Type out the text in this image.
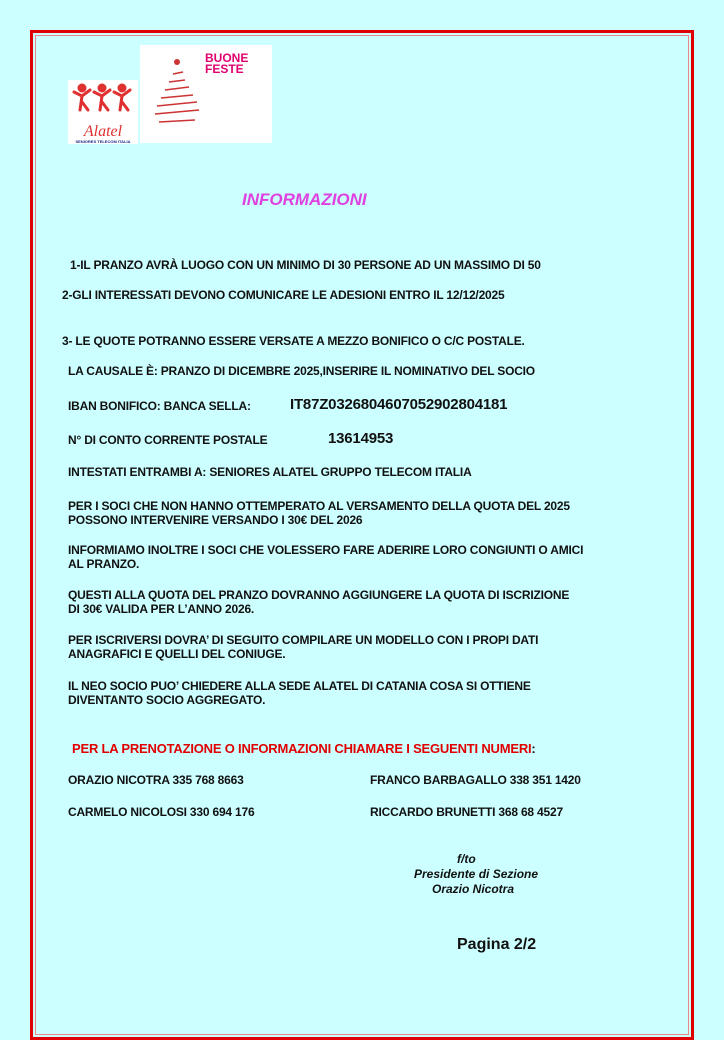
Alatel
SENIORES TELECOM ITALIA
BUONE
FESTE
INFORMAZIONI
1-IL PRANZO AVRÀ LUOGO CON UN MINIMO DI 30 PERSONE AD UN MASSIMO DI 50
2-GLI INTERESSATI DEVONO COMUNICARE LE ADESIONI ENTRO IL 12/12/2025
3- LE QUOTE POTRANNO ESSERE VERSATE A MEZZO BONIFICO O C/C POSTALE.
LA CAUSALE È: PRANZO DI DICEMBRE 2025,INSERIRE IL NOMINATIVO DEL SOCIO
IBAN BONIFICO: BANCA SELLA:	IT87Z0326804607052902804181
N° DI CONTO CORRENTE POSTALE	13614953
INTESTATI ENTRAMBI A: SENIORES ALATEL GRUPPO TELECOM ITALIA
PER I SOCI CHE NON HANNO OTTEMPERATO AL VERSAMENTO DELLA QUOTA DEL 2025
POSSONO INTERVENIRE VERSANDO I 30€ DEL 2026
INFORMIAMO INOLTRE I SOCI CHE VOLESSERO FARE ADERIRE LORO CONGIUNTI O AMICI
AL PRANZO.
QUESTI ALLA QUOTA DEL PRANZO DOVRANNO AGGIUNGERE LA QUOTA DI ISCRIZIONE
DI 30€ VALIDA PER L’ANNO 2026.
PER ISCRIVERSI DOVRA’ DI SEGUITO COMPILARE UN MODELLO CON I PROPI DATI
ANAGRAFICI E QUELLI DEL CONIUGE.
IL NEO SOCIO PUO’ CHIEDERE ALLA SEDE ALATEL DI CATANIA COSA SI OTTIENE
DIVENTANTO SOCIO AGGREGATO.
PER LA PRENOTAZIONE O INFORMAZIONI CHIAMARE I SEGUENTI NUMERI:
ORAZIO NICOTRA 335 768 8663	FRANCO BARBAGALLO 338 351 1420
CARMELO NICOLOSI 330 694 176	RICCARDO BRUNETTI 368 68 4527
f/to
Presidente di Sezione
Orazio Nicotra
Pagina 2/2
